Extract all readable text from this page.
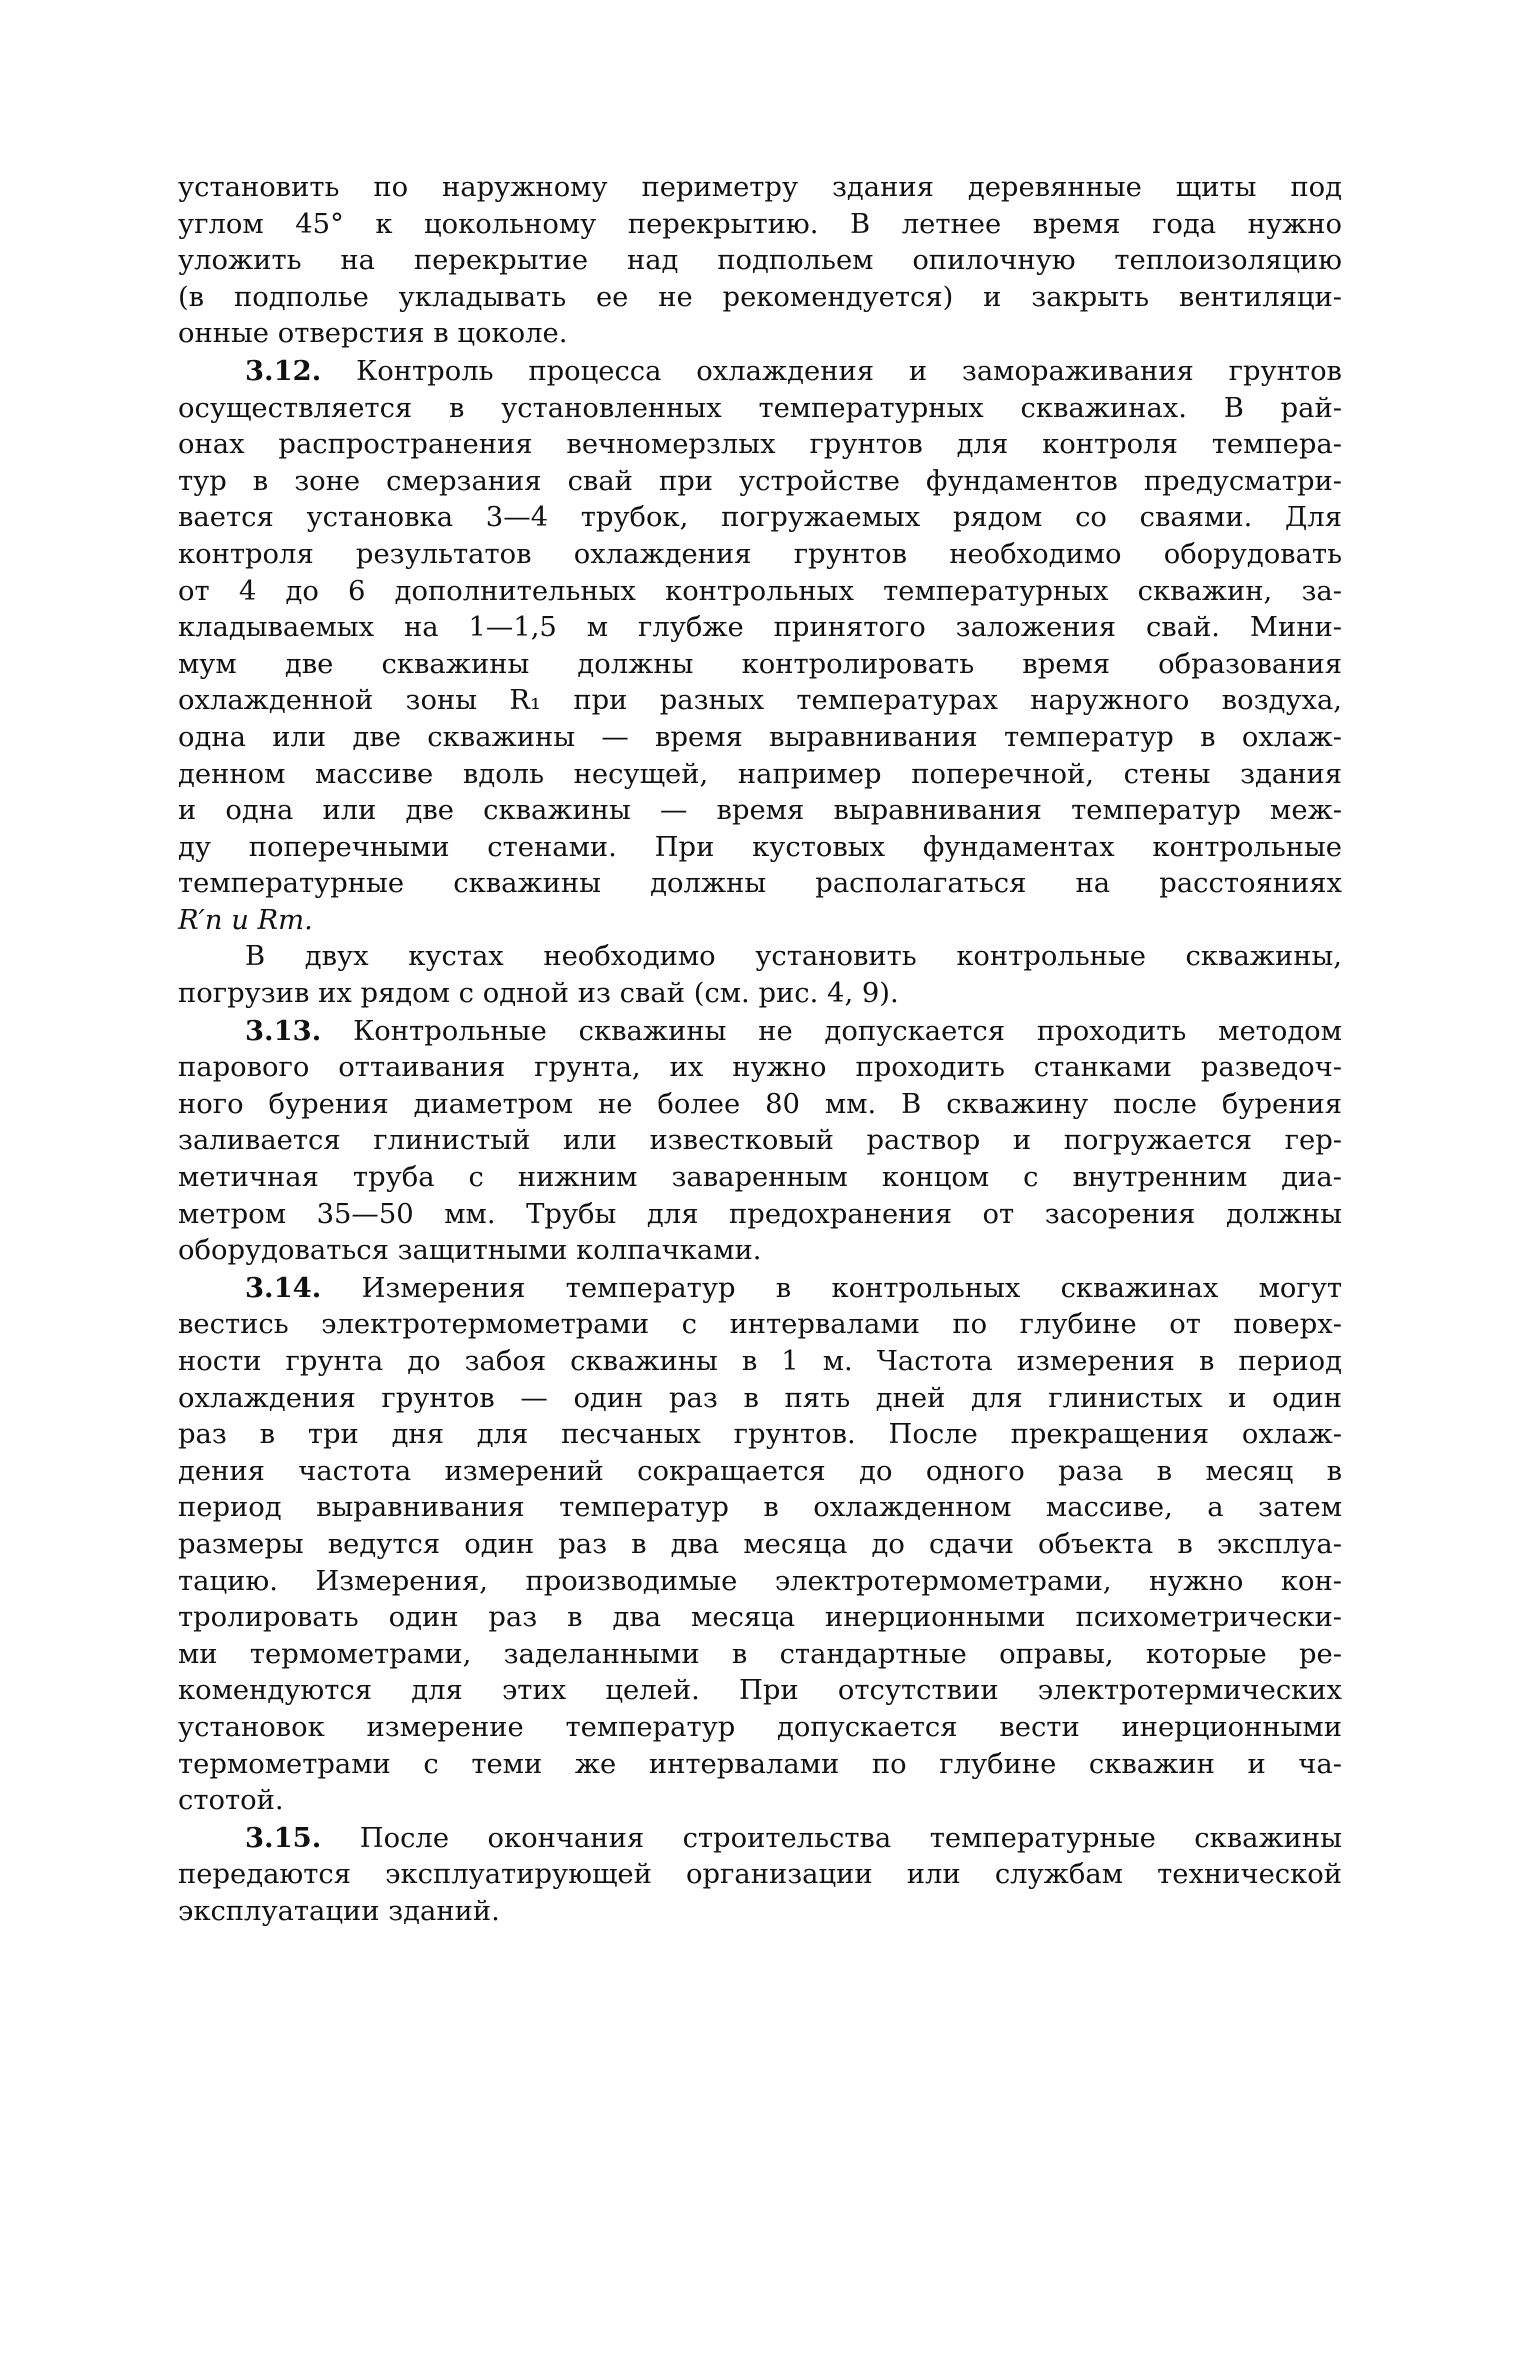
установить по наружному периметру здания деревянные щиты под
углом 45° к цокольному перекрытию. В летнее время года нужно
уложить на перекрытие над подпольем опилочную теплоизоляцию
(в подполье укладывать ее не рекомендуется) и закрыть вентиляци-
онные отверстия в цоколе.

3.12. Контроль процесса охлаждения и замораживания грунтов
осуществляется в установленных температурных скважинах. В рай-
онах распространения вечномерзлых грунтов для контроля темпера-
тур в зоне смерзания свай при устройстве фундаментов предусматри-
вается установка 3—4 трубок, погружаемых рядом со сваями. Для
контроля результатов охлаждения грунтов необходимо оборудовать
от 4 до 6 дополнительных контрольных температурных скважин, за-
кладываемых на 1—1,5 м глубже принятого заложения свай. Мини-
мум две скважины должны контролировать время образования
охлажденной зоны R₁ при разных температурах наружного воздуха,
одна или две скважины — время выравнивания температур в охлаж-
денном массиве вдоль несущей, например поперечной, стены здания
и одна или две скважины — время выравнивания температур меж-
ду поперечными стенами. При кустовых фундаментах контрольные
температурные скважины должны располагаться на расстояниях
R′п и Rm.

В двух кустах необходимо установить контрольные скважины,
погрузив их рядом с одной из свай (см. рис. 4, 9).

3.13. Контрольные скважины не допускается проходить методом
парового оттаивания грунта, их нужно проходить станками разведоч-
ного бурения диаметром не более 80 мм. В скважину после бурения
заливается глинистый или известковый раствор и погружается гер-
метичная труба с нижним заваренным концом с внутренним диа-
метром 35—50 мм. Трубы для предохранения от засорения должны
оборудоваться защитными колпачками.

3.14. Измерения температур в контрольных скважинах могут
вестись электротермометрами с интервалами по глубине от поверх-
ности грунта до забоя скважины в 1 м. Частота измерения в период
охлаждения грунтов — один раз в пять дней для глинистых и один
раз в три дня для песчаных грунтов. После прекращения охлаж-
дения частота измерений сокращается до одного раза в месяц в
период выравнивания температур в охлажденном массиве, а затем
размеры ведутся один раз в два месяца до сдачи объекта в эксплуа-
тацию. Измерения, производимые электротермометрами, нужно кон-
тролировать один раз в два месяца инерционными психометрически-
ми термометрами, заделанными в стандартные оправы, которые ре-
комендуются для этих целей. При отсутствии электротермических
установок измерение температур допускается вести инерционными
термометрами с теми же интервалами по глубине скважин и ча-
стотой.

3.15. После окончания строительства температурные скважины
передаются эксплуатирующей организации или службам технической
эксплуатации зданий.
